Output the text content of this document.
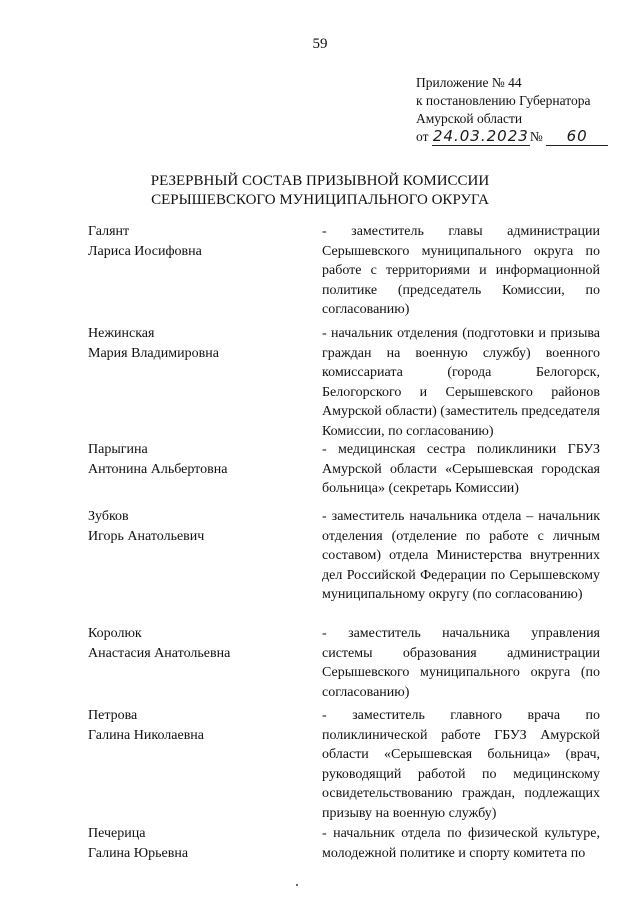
59
Приложение № 44
к постановлению Губернатора
Амурской области
от 24.03.2023№ 60
РЕЗЕРВНЫЙ СОСТАВ ПРИЗЫВНОЙ КОМИССИИ
СЕРЫШЕВСКОГО МУНИЦИПАЛЬНОГО ОКРУГА
Галянт
Лариса Иосифовна
- заместитель главы администрации Серышевского муниципального округа по работе с территориями и информационной политике (председатель Комиссии, по согласованию)
Нежинская
Мария Владимировна
- начальник отделения (подготовки и призыва граждан на военную службу) военного комиссариата (города Белогорск, Белогорского и Серышевского районов Амурской области) (заместитель председателя Комиссии, по согласованию)
Парыгина
Антонина Альбертовна
- медицинская сестра поликлиники ГБУЗ Амурской области «Серышевская городская больница» (секретарь Комиссии)
Зубков
Игорь Анатольевич
- заместитель начальника отдела – начальник отделения (отделение по работе с личным составом) отдела Министерства внутренних дел Российской Федерации по Серышевскому муниципальному округу (по согласованию)
Королюк
Анастасия Анатольевна
- заместитель начальника управления системы образования администрации Серышевского муниципального округа (по согласованию)
Петрова
Галина Николаевна
- заместитель главного врача по поликлинической работе ГБУЗ Амурской области «Серышевская больница» (врач, руководящий работой по медицинскому освидетельствованию граждан, подлежащих призыву на военную службу)
Печерица
Галина Юрьевна
- начальник отдела по физической культуре, молодежной политике и спорту комитета по
